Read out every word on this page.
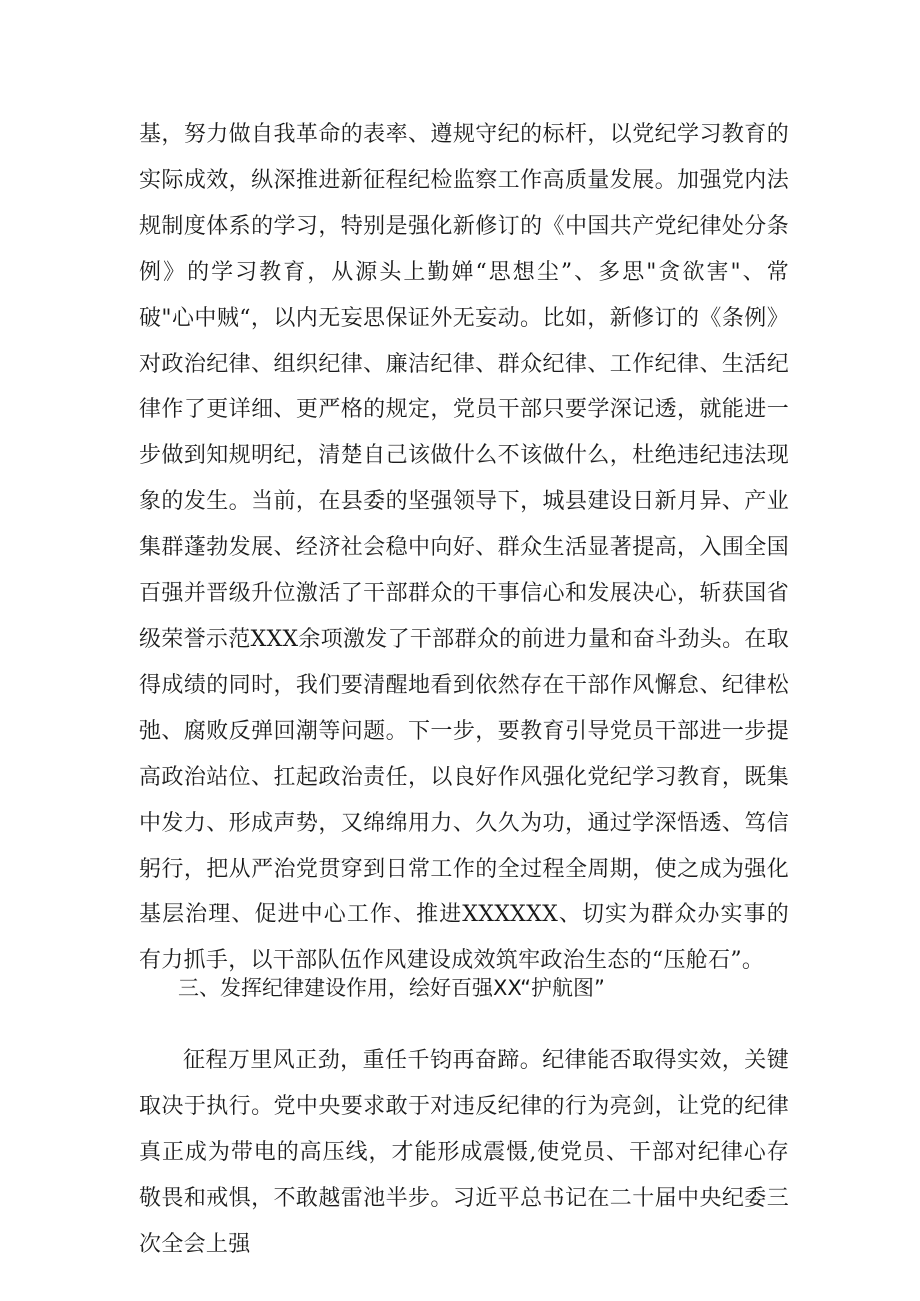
基，努力做自我革命的表率、遵规守纪的标杆，以党纪学习教育的实际成效，纵深推进新征程纪检监察工作高质量发展。加强党内法规制度体系的学习，特别是强化新修订的《中国共产党纪律处分条例》的学习教育，从源头上勤婵“思想尘”、多思"贪欲害"、常破"心中贼“，以内无妄思保证外无妄动。比如，新修订的《条例》对政治纪律、组织纪律、廉洁纪律、群众纪律、工作纪律、生活纪律作了更详细、更严格的规定，党员干部只要学深记透，就能进一步做到知规明纪，清楚自己该做什么不该做什么，杜绝违纪违法现象的发生。当前，在县委的坚强领导下，城县建设日新月异、产业集群蓬勃发展、经济社会稳中向好、群众生活显著提高，入围全国百强并晋级升位激活了干部群众的干事信心和发展决心，斩获国省级荣誉示范XXX余项激发了干部群众的前进力量和奋斗劲头。在取得成绩的同时，我们要清醒地看到依然存在干部作风懈怠、纪律松弛、腐败反弹回潮等问题。下一步，要教育引导党员干部进一步提高政治站位、扛起政治责任，以良好作风强化党纪学习教育，既集中发力、形成声势，又绵绵用力、久久为功，通过学深悟透、笃信躬行，把从严治党贯穿到日常工作的全过程全周期，使之成为强化基层治理、促进中心工作、推进XXXXXX、切实为群众办实事的有力抓手，以干部队伍作风建设成效筑牢政治生态的“压舱石”。

三、发挥纪律建设作用，绘好百强XX“护航图”

征程万里风正劲，重任千钧再奋蹄。纪律能否取得实效，关键取决于执行。党中央要求敢于对违反纪律的行为亮剑，让党的纪律真正成为带电的高压线，才能形成震慑,使党员、干部对纪律心存敬畏和戒惧，不敢越雷池半步。习近平总书记在二十届中央纪委三次全会上强
